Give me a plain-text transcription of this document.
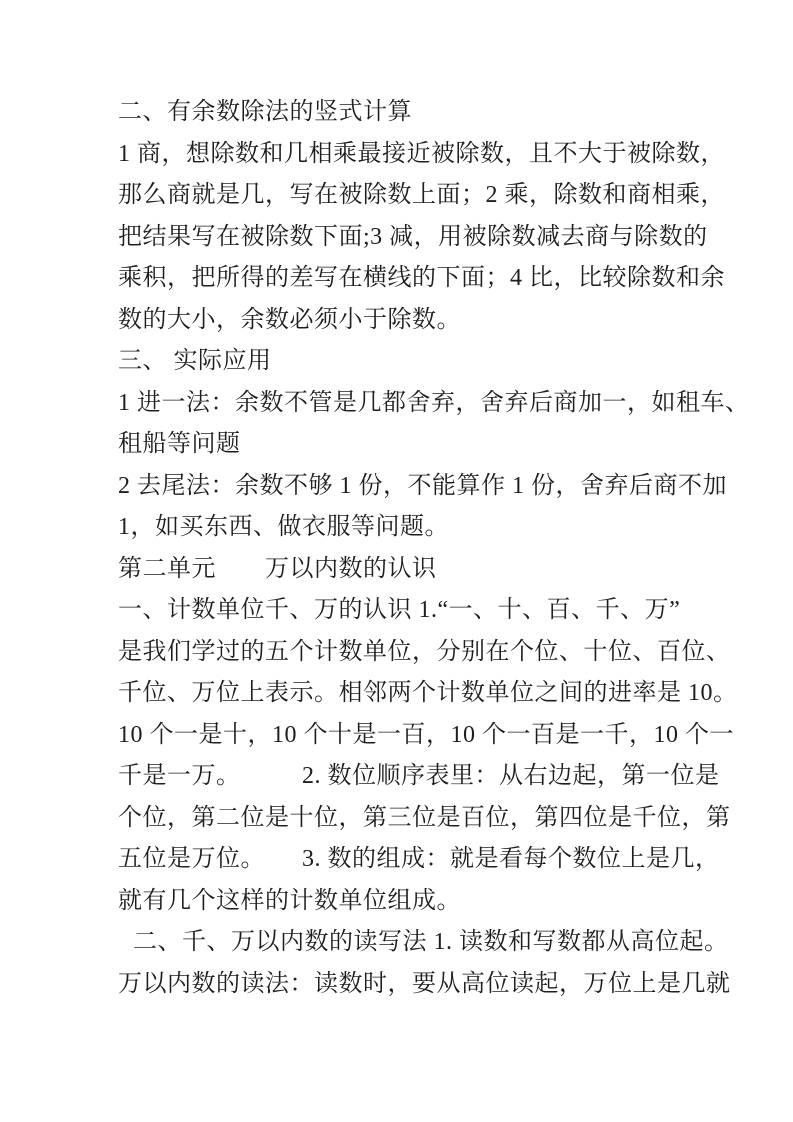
二、有余数除法的竖式计算
1 商，想除数和几相乘最接近被除数，且不大于被除数，
那么商就是几，写在被除数上面；2 乘，除数和商相乘，
把结果写在被除数下面;3 减，用被除数减去商与除数的
乘积，把所得的差写在横线的下面；4 比，比较除数和余
数的大小，余数必须小于除数。
三、 实际应用
1 进一法：余数不管是几都舍弃，舍弃后商加一，如租车、
租船等问题
2 去尾法：余数不够 1 份，不能算作 1 份，舍弃后商不加
1，如买东西、做衣服等问题。
第二单元　　万以内数的认识
一、计数单位千、万的认识 1.“一、十、百、千、万”
是我们学过的五个计数单位，分别在个位、十位、百位、
千位、万位上表示。相邻两个计数单位之间的进率是 10。
10 个一是十，10 个十是一百，10 个一百是一千，10 个一
千是一万。　　　2. 数位顺序表里：从右边起，第一位是
个位，第二位是十位，第三位是百位，第四位是千位，第
五位是万位。　　3. 数的组成：就是看每个数位上是几，
就有几个这样的计数单位组成。
二、千、万以内数的读写法 1. 读数和写数都从高位起。
万以内数的读法：读数时，要从高位读起，万位上是几就
